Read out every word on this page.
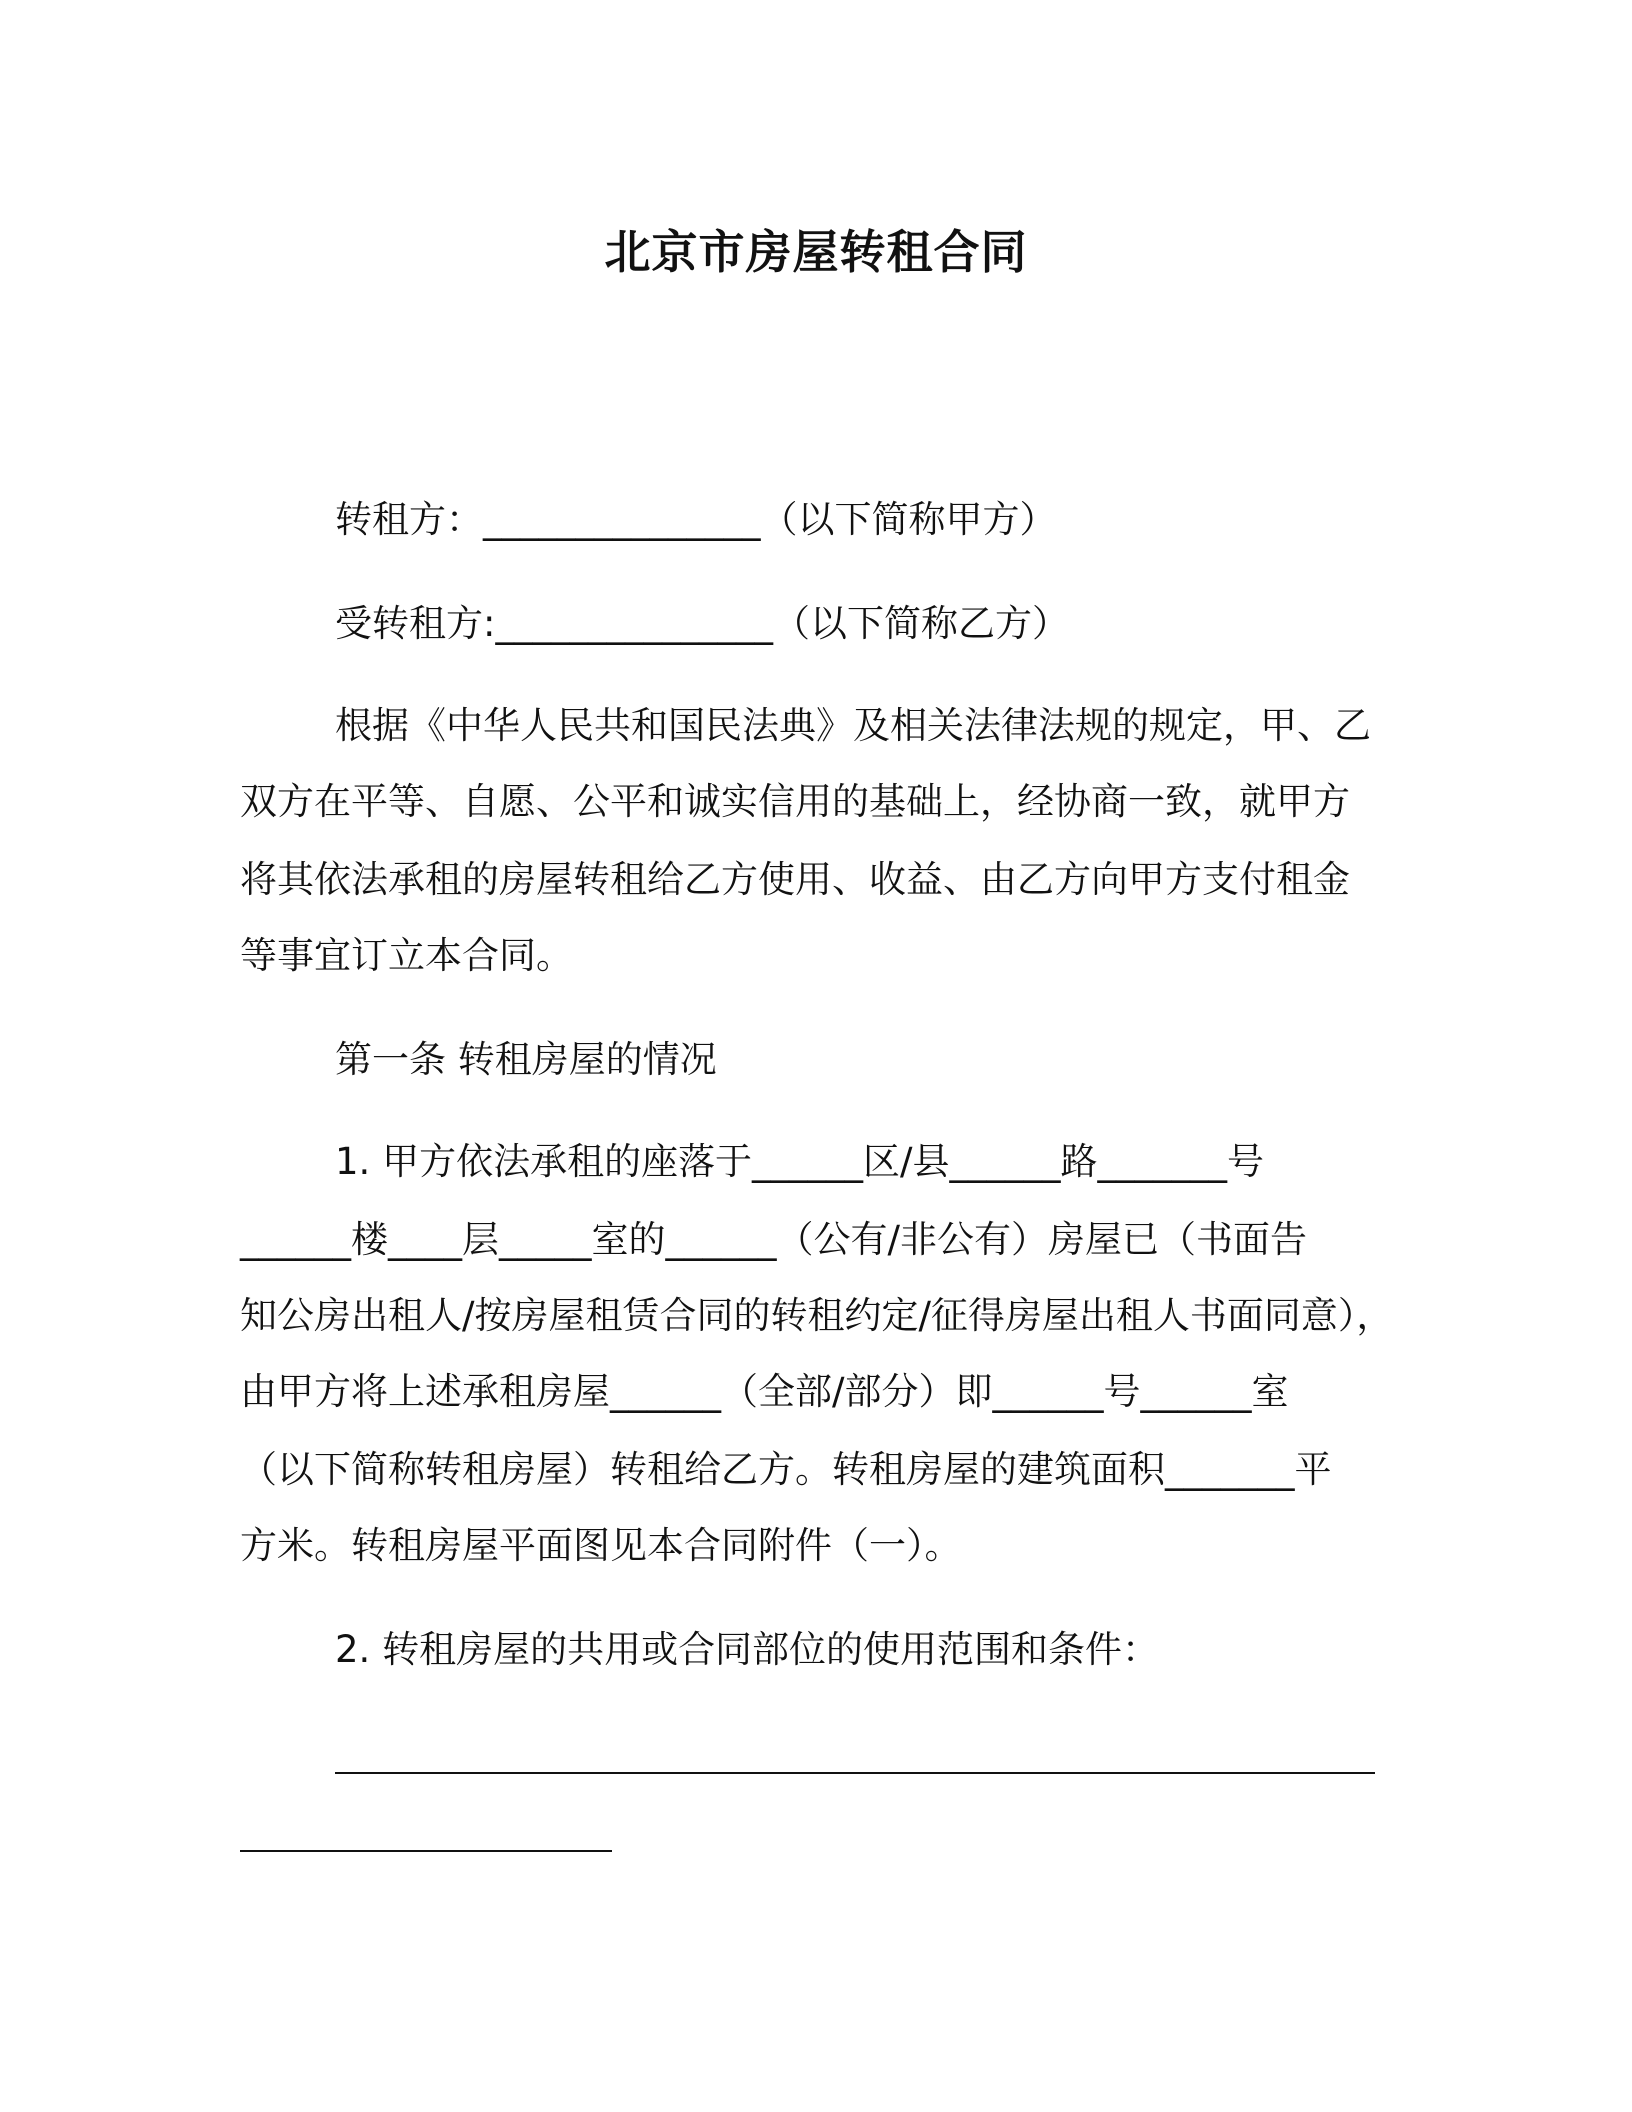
北京市房屋转租合同
转租方：_______________（以下简称甲方）
受转租方:_______________（以下简称乙方）
根据《中华人民共和国民法典》及相关法律法规的规定，甲、乙
双方在平等、自愿、公平和诚实信用的基础上，经协商一致，就甲方
将其依法承租的房屋转租给乙方使用、收益、由乙方向甲方支付租金
等事宜订立本合同。
第一条 转租房屋的情况
1. 甲方依法承租的座落于______区/县______路_______号
______楼____层_____室的______（公有/非公有）房屋已（书面告
知公房出租人/按房屋租赁合同的转租约定/征得房屋出租人书面同意），
由甲方将上述承租房屋______（全部/部分）即______号______室
（以下简称转租房屋）转租给乙方。转租房屋的建筑面积_______平
方米。转租房屋平面图见本合同附件（一）。
2. 转租房屋的共用或合同部位的使用范围和条件：
